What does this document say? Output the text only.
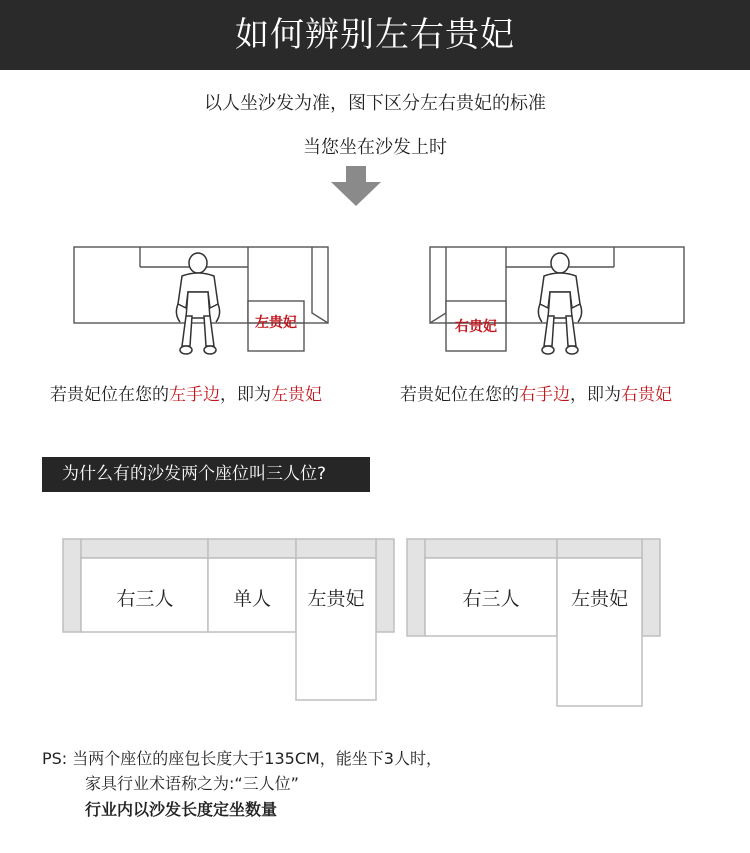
如何辨别左右贵妃
以人坐沙发为准，图下区分左右贵妃的标准
当您坐在沙发上时
左贵妃
若贵妃位在您的左手边，即为左贵妃
右贵妃
若贵妃位在您的右手边，即为右贵妃
为什么有的沙发两个座位叫三人位?
右三人	单人	左贵妃	右三人	左贵妃
PS: 当两个座位的座包长度大于135CM，能坐下3人时，
家具行业术语称之为:“三人位”
行业内以沙发长度定坐数量
